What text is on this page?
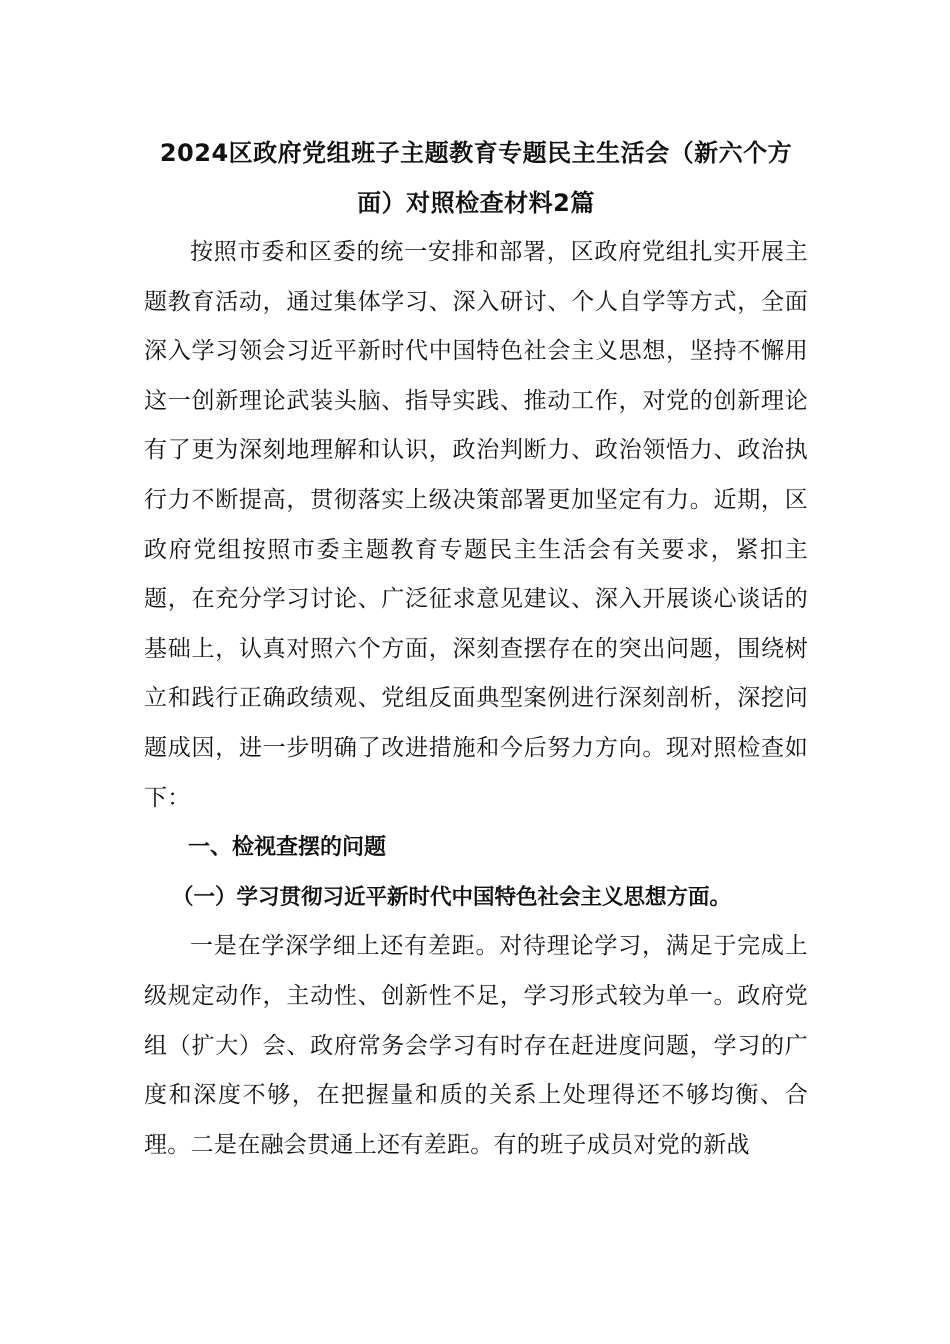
2024区政府党组班子主题教育专题民主生活会（新六个方
面）对照检查材料2篇

按照市委和区委的统一安排和部署，区政府党组扎实开展主题教育活动，通过集体学习、深入研讨、个人自学等方式，全面深入学习领会习近平新时代中国特色社会主义思想，坚持不懈用这一创新理论武装头脑、指导实践、推动工作，对党的创新理论有了更为深刻地理解和认识，政治判断力、政治领悟力、政治执行力不断提高，贯彻落实上级决策部署更加坚定有力。近期，区政府党组按照市委主题教育专题民主生活会有关要求，紧扣主题，在充分学习讨论、广泛征求意见建议、深入开展谈心谈话的基础上，认真对照六个方面，深刻查摆存在的突出问题，围绕树立和践行正确政绩观、党组反面典型案例进行深刻剖析，深挖问题成因，进一步明确了改进措施和今后努力方向。现对照检查如下：

一、检视查摆的问题

（一）学习贯彻习近平新时代中国特色社会主义思想方面。

一是在学深学细上还有差距。对待理论学习，满足于完成上级规定动作，主动性、创新性不足，学习形式较为单一。政府党组（扩大）会、政府常务会学习有时存在赶进度问题，学习的广度和深度不够，在把握量和质的关系上处理得还不够均衡、合理。二是在融会贯通上还有差距。有的班子成员对党的新战
